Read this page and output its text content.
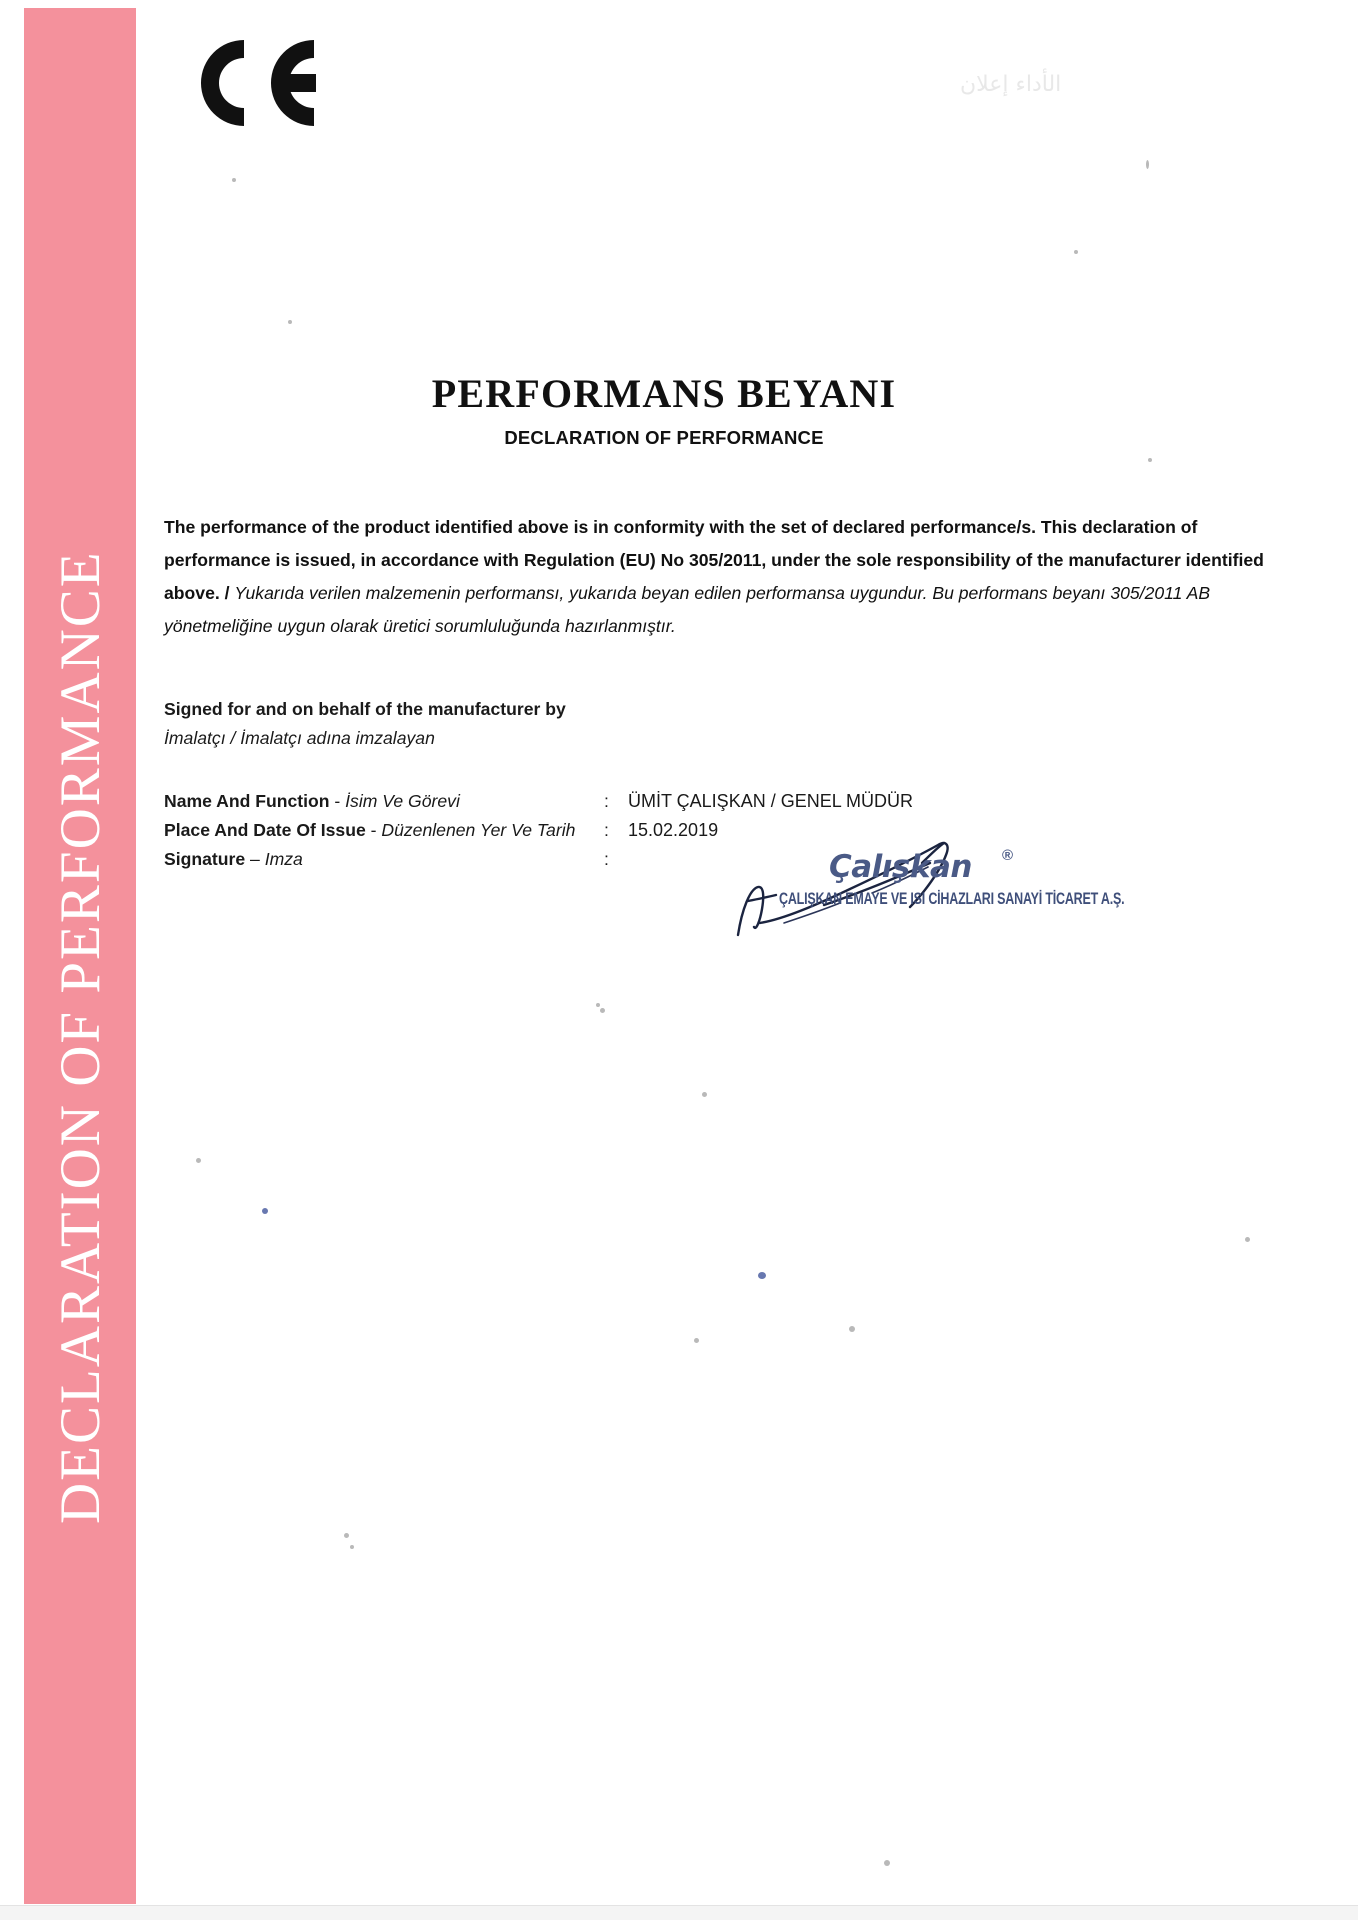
DECLARATION OF PERFORMANCE
الأداء إعلان
PERFORMANS BEYANI
DECLARATION OF PERFORMANCE
The performance of the product identified above is in conformity with the set of declared performance/s. This declaration of performance is issued, in accordance with Regulation (EU) No 305/2011, under the sole responsibility of the manufacturer identified above. / Yukarıda verilen malzemenin performansı, yukarıda beyan edilen performansa uygundur. Bu performans beyanı 305/2011 AB yönetmeliğine uygun olarak üretici sorumluluğunda hazırlanmıştır.
Signed for and on behalf of the manufacturer by
İmalatçı / İmalatçı adına imzalayan
Name And Function - İsim Ve Görevi	:	ÜMİT ÇALIŞKAN / GENEL MÜDÜR
Place And Date Of Issue - Düzenlenen Yer Ve Tarih	:	15.02.2019
Signature – Imza	:	Çalışkan ®
ÇALIŞKAN EMAYE VE ISI CİHAZLARI SANAYİ TİCARET A.Ş.
